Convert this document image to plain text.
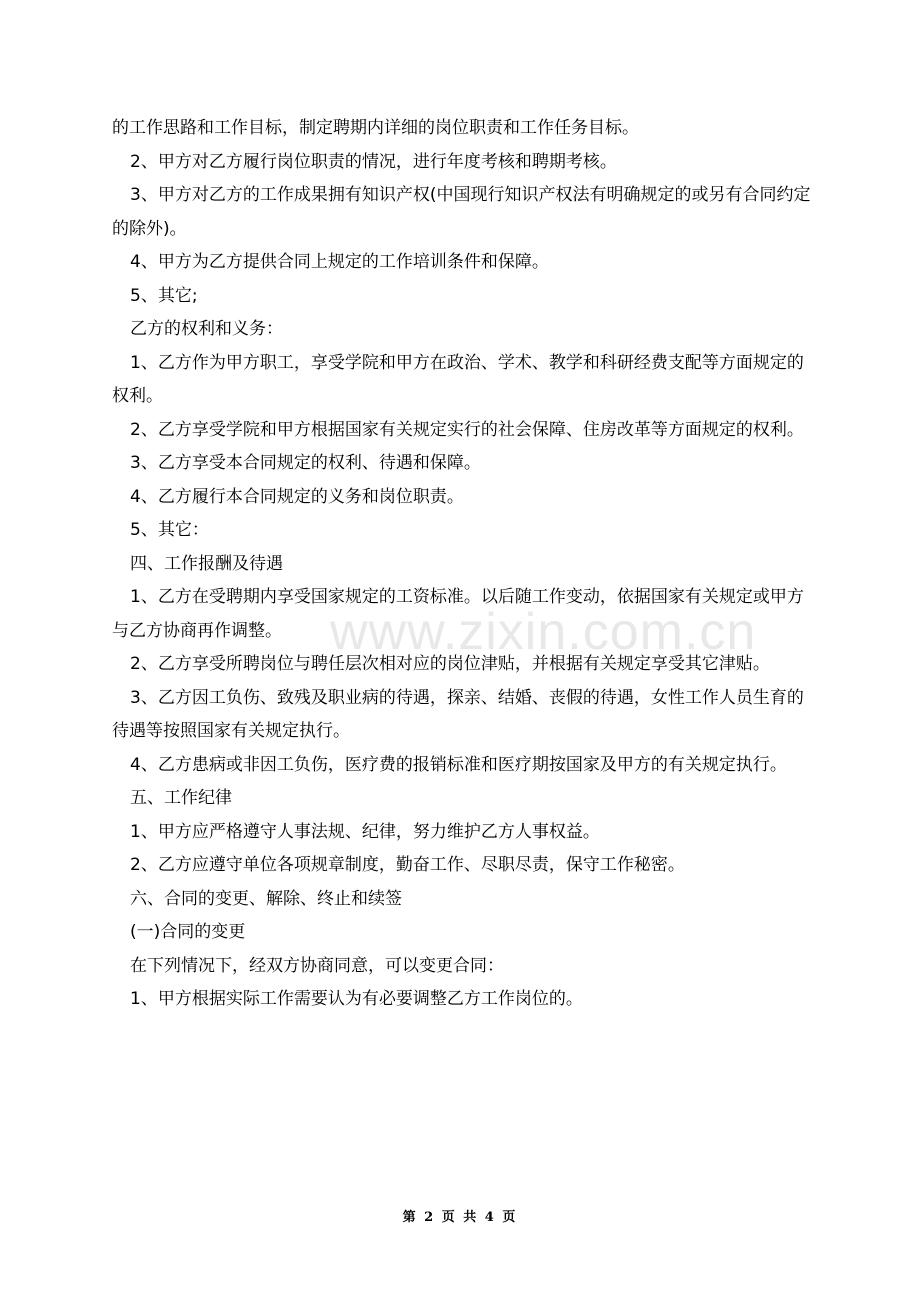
的工作思路和工作目标，制定聘期内详细的岗位职责和工作任务目标。

2、甲方对乙方履行岗位职责的情况，进行年度考核和聘期考核。

3、甲方对乙方的工作成果拥有知识产权(中国现行知识产权法有明确规定的或另有合同约定的除外)。

4、甲方为乙方提供合同上规定的工作培训条件和保障。

5、其它;

乙方的权利和义务：

1、乙方作为甲方职工，享受学院和甲方在政治、学术、教学和科研经费支配等方面规定的权利。

2、乙方享受学院和甲方根据国家有关规定实行的社会保障、住房改革等方面规定的权利。

3、乙方享受本合同规定的权利、待遇和保障。

4、乙方履行本合同规定的义务和岗位职责。

5、其它：

四、工作报酬及待遇

1、乙方在受聘期内享受国家规定的工资标准。以后随工作变动，依据国家有关规定或甲方与乙方协商再作调整。

2、乙方享受所聘岗位与聘任层次相对应的岗位津贴，并根据有关规定享受其它津贴。

3、乙方因工负伤、致残及职业病的待遇，探亲、结婚、丧假的待遇，女性工作人员生育的待遇等按照国家有关规定执行。

4、乙方患病或非因工负伤，医疗费的报销标准和医疗期按国家及甲方的有关规定执行。

五、工作纪律

1、甲方应严格遵守人事法规、纪律，努力维护乙方人事权益。

2、乙方应遵守单位各项规章制度，勤奋工作、尽职尽责，保守工作秘密。

六、合同的变更、解除、终止和续签

(一)合同的变更

在下列情况下，经双方协商同意，可以变更合同：

1、甲方根据实际工作需要认为有必要调整乙方工作岗位的。

www.zixin.com.cn
第 2 页 共 4 页
